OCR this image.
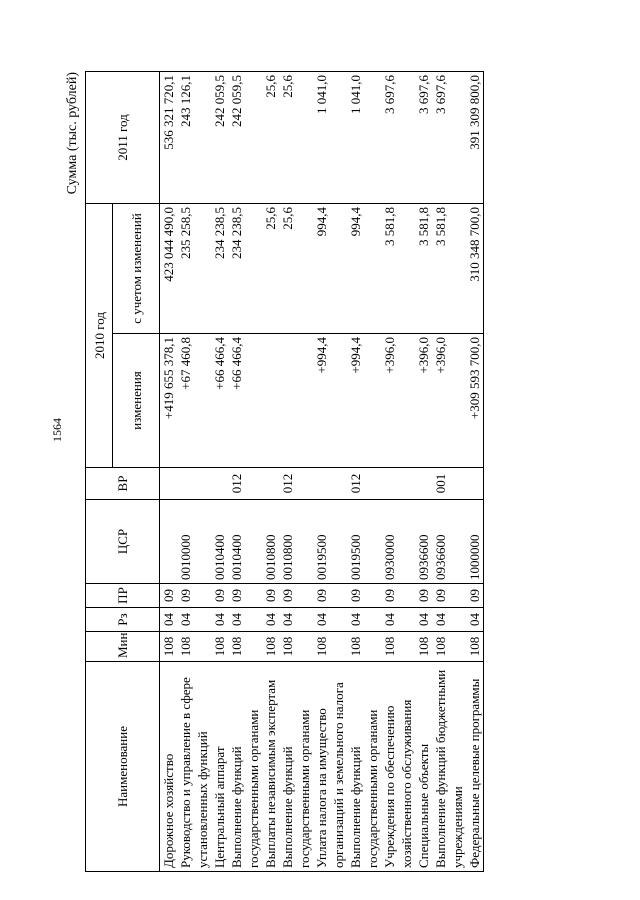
1564
Сумма (тыс. рублей)
Наименование	Мин	Рз	ПР	ЦСР	ВР	2010 год		2011 год
						изменения	с учетом изменений	
Дорожное хозяйство	108	04	09			+419 655 378,1	423 044 490,0	536 321 720,1
Руководство и управление в сфере установленных функций	108	04	09	0010000		+67 460,8	235 258,5	243 126,1
Центральный аппарат	108	04	09	0010400		+66 466,4	234 238,5	242 059,5
Выполнение функций государственными органами	108	04	09	0010400	012	+66 466,4	234 238,5	242 059,5
Выплаты независимым экспертам	108	04	09	0010800			25,6	25,6
Выполнение функций государственными органами	108	04	09	0010800	012		25,6	25,6
Уплата налога на имущество организаций и земельного налога	108	04	09	0019500		+994,4	994,4	1 041,0
Выполнение функций государственными органами	108	04	09	0019500	012	+994,4	994,4	1 041,0
Учреждения по обеспечению хозяйственного обслуживания	108	04	09	0930000		+396,0	3 581,8	3 697,6
Специальные объекты	108	04	09	0936600		+396,0	3 581,8	3 697,6
Выполнение функций бюджетными учреждениями	108	04	09	0936600	001	+396,0	3 581,8	3 697,6
Федеральные целевые программы	108	04	09	1000000		+309 593 700,0	310 348 700,0	391 309 800,0
